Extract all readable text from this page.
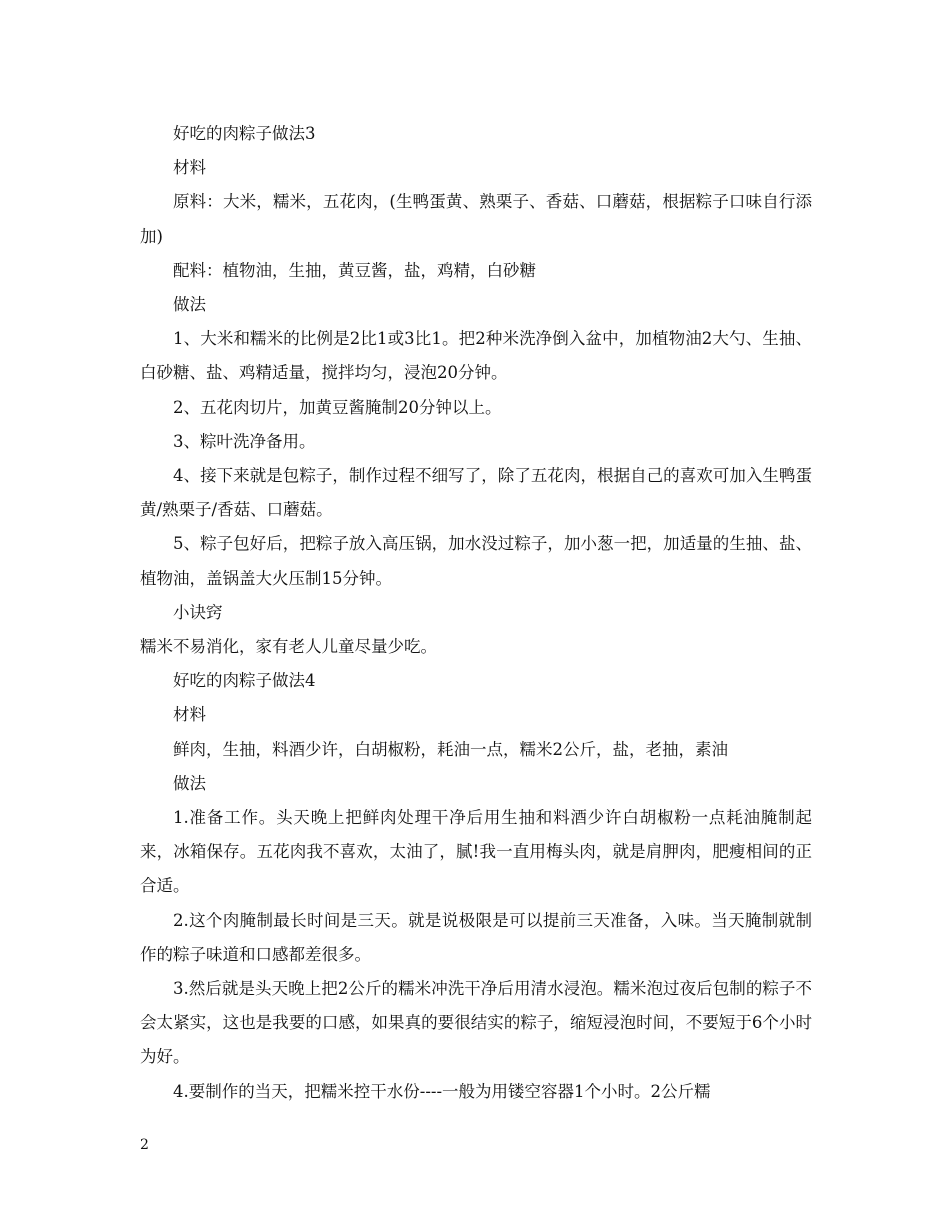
好吃的肉粽子做法3

材料

原料：大米，糯米，五花肉，(生鸭蛋黄、熟栗子、香菇、口蘑菇，根据粽子口味自行添加)

配料：植物油，生抽，黄豆酱，盐，鸡精，白砂糖

做法

1、大米和糯米的比例是2比1或3比1。把2种米洗净倒入盆中，加植物油2大勺、生抽、白砂糖、盐、鸡精适量，搅拌均匀，浸泡20分钟。

2、五花肉切片，加黄豆酱腌制20分钟以上。

3、粽叶洗净备用。

4、接下来就是包粽子，制作过程不细写了，除了五花肉，根据自己的喜欢可加入生鸭蛋黄/熟栗子/香菇、口蘑菇。

5、粽子包好后，把粽子放入高压锅，加水没过粽子，加小葱一把，加适量的生抽、盐、植物油，盖锅盖大火压制15分钟。

小诀窍

糯米不易消化，家有老人儿童尽量少吃。

好吃的肉粽子做法4

材料

鲜肉，生抽，料酒少许，白胡椒粉，耗油一点，糯米2公斤，盐，老抽，素油

做法

1.准备工作。头天晚上把鲜肉处理干净后用生抽和料酒少许白胡椒粉一点耗油腌制起来，冰箱保存。五花肉我不喜欢，太油了，腻!我一直用梅头肉，就是肩胛肉，肥瘦相间的正合适。

2.这个肉腌制最长时间是三天。就是说极限是可以提前三天准备，入味。当天腌制就制作的粽子味道和口感都差很多。

3.然后就是头天晚上把2公斤的糯米冲洗干净后用清水浸泡。糯米泡过夜后包制的粽子不会太紧实，这也是我要的口感，如果真的要很结实的粽子，缩短浸泡时间，不要短于6个小时为好。

4.要制作的当天，把糯米控干水份----一般为用镂空容器1个小时。2公斤糯

2
